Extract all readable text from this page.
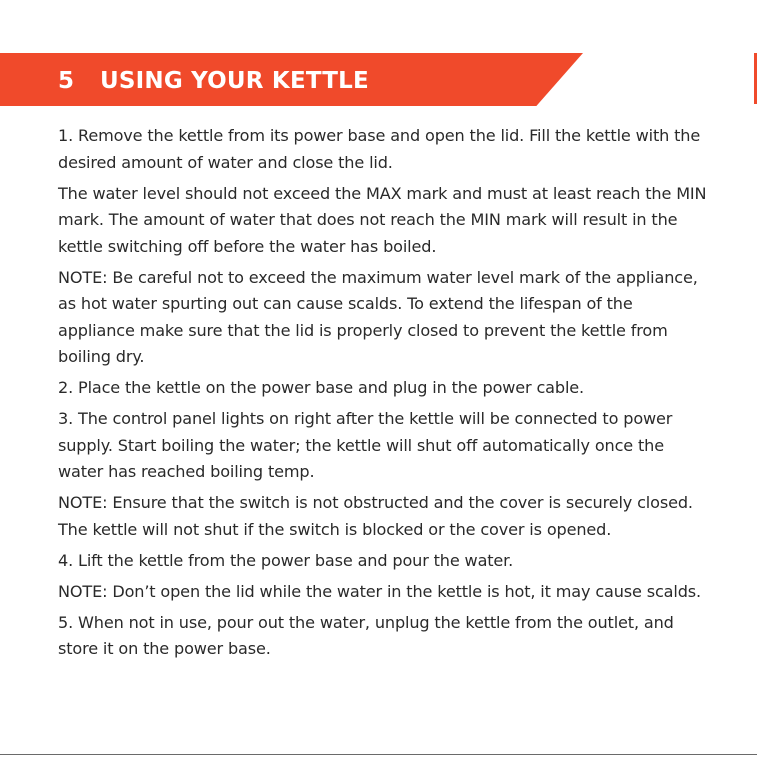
5 USING YOUR KETTLE

1. Remove the kettle from its power base and open the lid. Fill the kettle with the desired amount of water and close the lid.

The water level should not exceed the MAX mark and must at least reach the MIN mark. The amount of water that does not reach the MIN mark will result in the kettle switching off before the water has boiled.

NOTE: Be careful not to exceed the maximum water level mark of the appliance, as hot water spurting out can cause scalds. To extend the lifespan of the appliance make sure that the lid is properly closed to prevent the kettle from boiling dry.

2. Place the kettle on the power base and plug in the power cable.

3. The control panel lights on right after the kettle will be connected to power supply. Start boiling the water; the kettle will shut off automatically once the water has reached boiling temp.

NOTE: Ensure that the switch is not obstructed and the cover is securely closed. The kettle will not shut if the switch is blocked or the cover is opened.

4. Lift the kettle from the power base and pour the water.

NOTE: Don’t open the lid while the water in the kettle is hot, it may cause scalds.

5. When not in use, pour out the water, unplug the kettle from the outlet, and store it on the power base.
